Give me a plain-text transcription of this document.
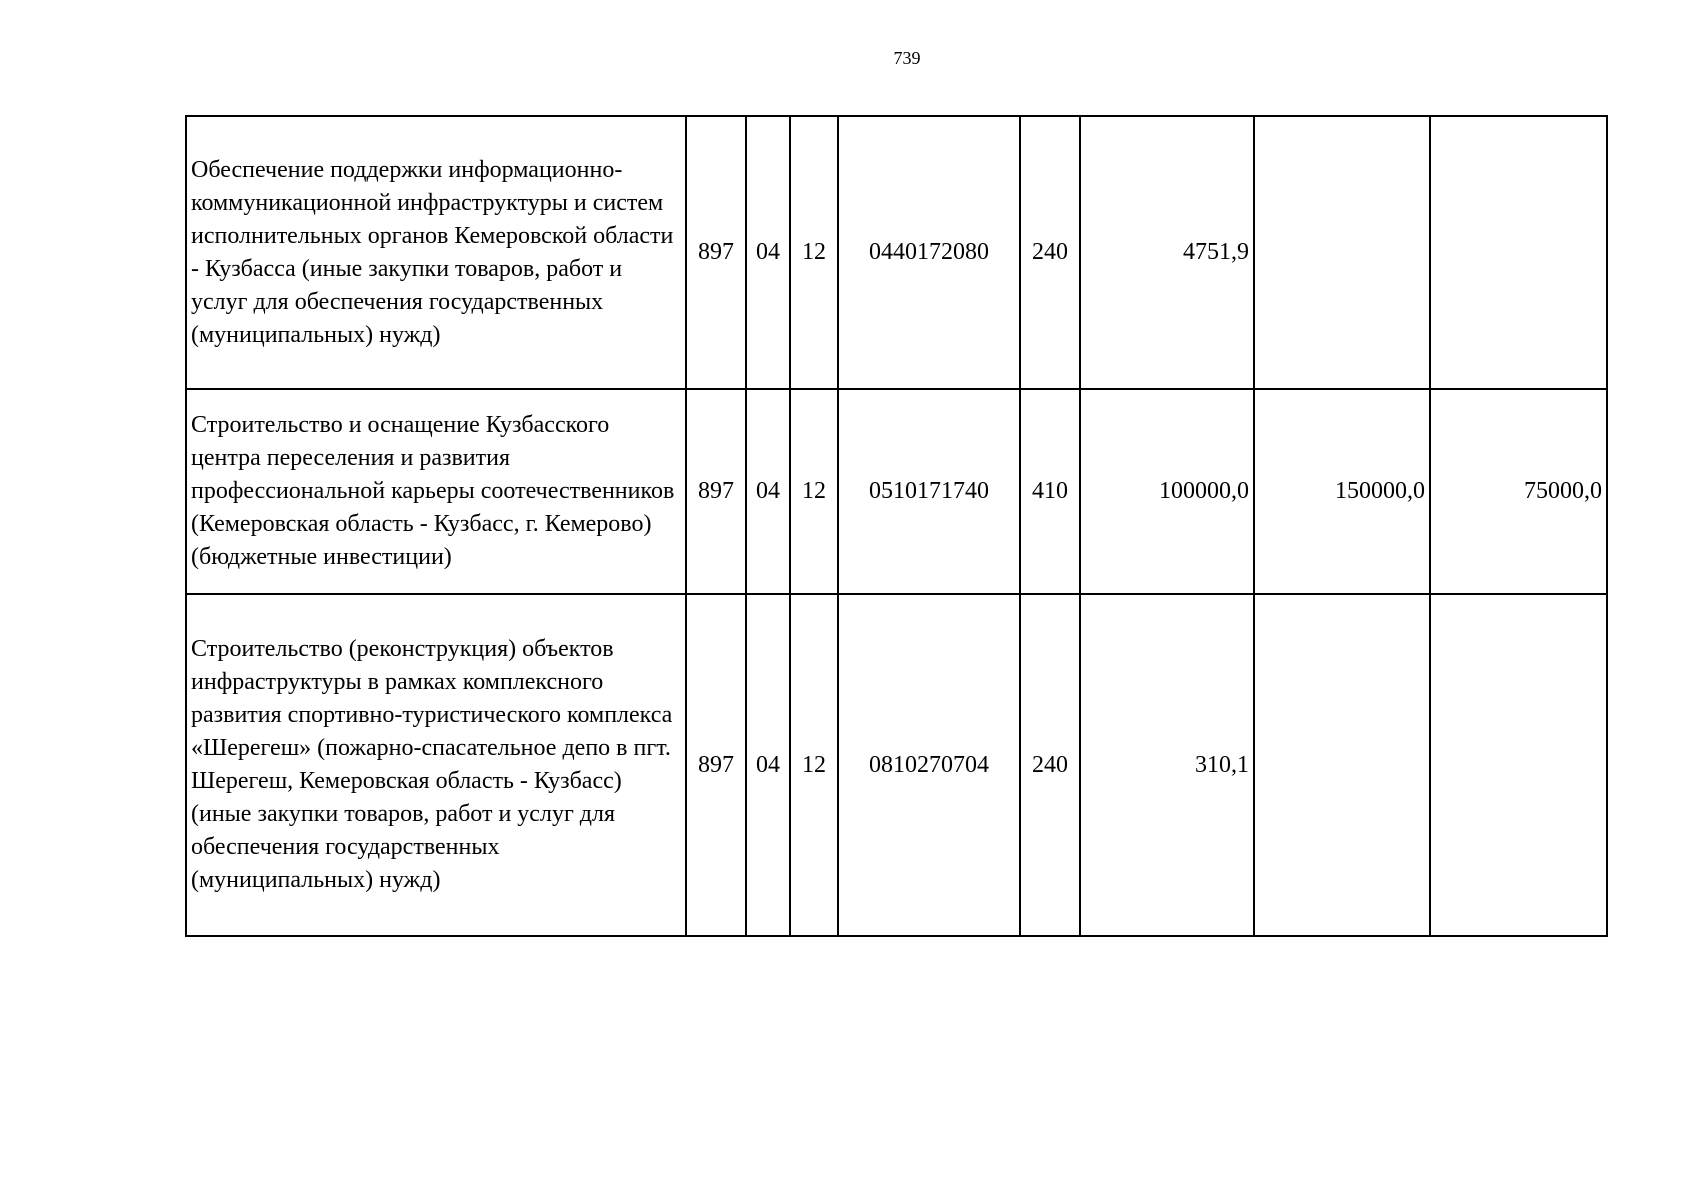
739
Обеспечение поддержки информационно-коммуникационной инфраструктуры и систем исполнительных органов Кемеровской области - Кузбасса (иные закупки товаров, работ и услуг для обеспечения государственных (муниципальных) нужд)	897	04	12	0440172080	240	4751,9		
Строительство и оснащение Кузбасского центра переселения и развития профессиональной карьеры соотечественников (Кемеровская область - Кузбасс, г. Кемерово) (бюджетные инвестиции)	897	04	12	0510171740	410	100000,0	150000,0	75000,0
Строительство (реконструкция) объектов инфраструктуры в рамках комплексного развития спортивно-туристического комплекса «Шерегеш» (пожарно-спасательное депо в пгт. Шерегеш, Кемеровская область - Кузбасс) (иные закупки товаров, работ и услуг для обеспечения государственных (муниципальных) нужд)	897	04	12	0810270704	240	310,1		
